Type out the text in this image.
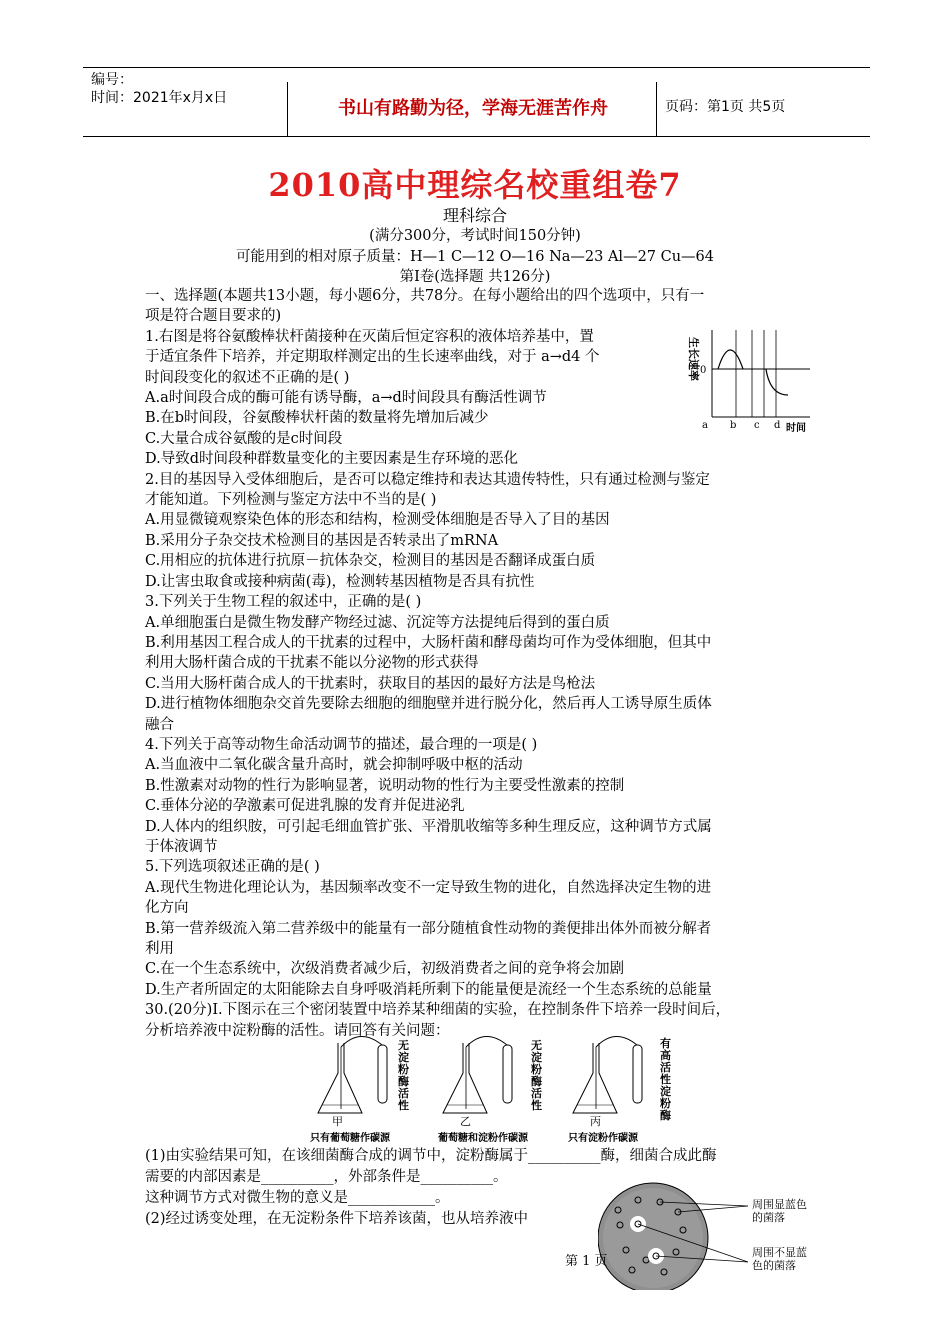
编号：
时间：2021年x月x日	书山有路勤为径，学海无涯苦作舟	页码：第1页 共5页
2010高中理综名校重组卷7
理科综合
(满分300分，考试时间150分钟)
可能用到的相对原子质量：H—1 C—12 O—16 Na—23 Al—27 Cu—64
第Ⅰ卷(选择题 共126分)

一、选择题(本题共13小题，每小题6分，共78分。在每小题给出的四个选项中，只有一

项是符合题目要求的)

1.右图是将谷氨酸棒状杆菌接种在灭菌后恒定容积的液体培养基中，置

于适宜条件下培养，并定期取样测定出的生长速率曲线，对于 a→d4 个

时间段变化的叙述不正确的是( )

A.a时间段合成的酶可能有诱导酶，a→d时间段具有酶活性调节

B.在b时间段，谷氨酸棒状杆菌的数量将先增加后减少

C.大量合成谷氨酸的是c时间段

D.导致d时间段种群数量变化的主要因素是生存环境的恶化

2.目的基因导入受体细胞后，是否可以稳定维持和表达其遗传特性，只有通过检测与鉴定

才能知道。下列检测与鉴定方法中不当的是( )

A.用显微镜观察染色体的形态和结构，检测受体细胞是否导入了目的基因

B.采用分子杂交技术检测目的基因是否转录出了mRNA

C.用相应的抗体进行抗原－抗体杂交，检测目的基因是否翻译成蛋白质

D.让害虫取食或接种病菌(毒)，检测转基因植物是否具有抗性

3.下列关于生物工程的叙述中，正确的是( )

A.单细胞蛋白是微生物发酵产物经过滤、沉淀等方法提纯后得到的蛋白质

B.利用基因工程合成人的干扰素的过程中，大肠杆菌和酵母菌均可作为受体细胞，但其中

利用大肠杆菌合成的干扰素不能以分泌物的形式获得

C.当用大肠杆菌合成人的干扰素时，获取目的基因的最好方法是鸟枪法

D.进行植物体细胞杂交首先要除去细胞的细胞壁并进行脱分化，然后再人工诱导原生质体

融合

4.下列关于高等动物生命活动调节的描述，最合理的一项是( )

A.当血液中二氧化碳含量升高时，就会抑制呼吸中枢的活动

B.性激素对动物的性行为影响显著，说明动物的性行为主要受性激素的控制

C.垂体分泌的孕激素可促进乳腺的发育并促进泌乳

D.人体内的组织胺，可引起毛细血管扩张、平滑肌收缩等多种生理反应，这种调节方式属

于体液调节

5.下列选项叙述正确的是( )

A.现代生物进化理论认为，基因频率改变不一定导致生物的进化，自然选择决定生物的进

化方向

B.第一营养级流入第二营养级中的能量有一部分随植食性动物的粪便排出体外而被分解者

利用

C.在一个生态系统中，次级消费者减少后，初级消费者之间的竞争将会加剧

D.生产者所固定的太阳能除去自身呼吸消耗所剩下的能量便是流经一个生态系统的总能量

30.(20分)Ⅰ.下图示在三个密闭装置中培养某种细菌的实验，在控制条件下培养一段时间后，

分析培养液中淀粉酶的活性。请回答有关问题：

0
生长速率
a b c d 时间
甲
只有葡萄糖作碳源
乙
葡萄糖和淀粉作碳源
丙
只有淀粉作碳源
无淀粉酶活性
无淀粉酶活性
有高活性淀粉酶

(1)由实验结果可知，在该细菌酶合成的调节中，淀粉酶属于__________酶，细菌合成此酶

需要的内部因素是__________，外部条件是__________。

这种调节方式对微生物的意义是____________。

(2)经过诱变处理，在无淀粉条件下培养该菌，也从培养液中

周围显蓝色的菌落
周围不显蓝色的菌落
第 1 页
